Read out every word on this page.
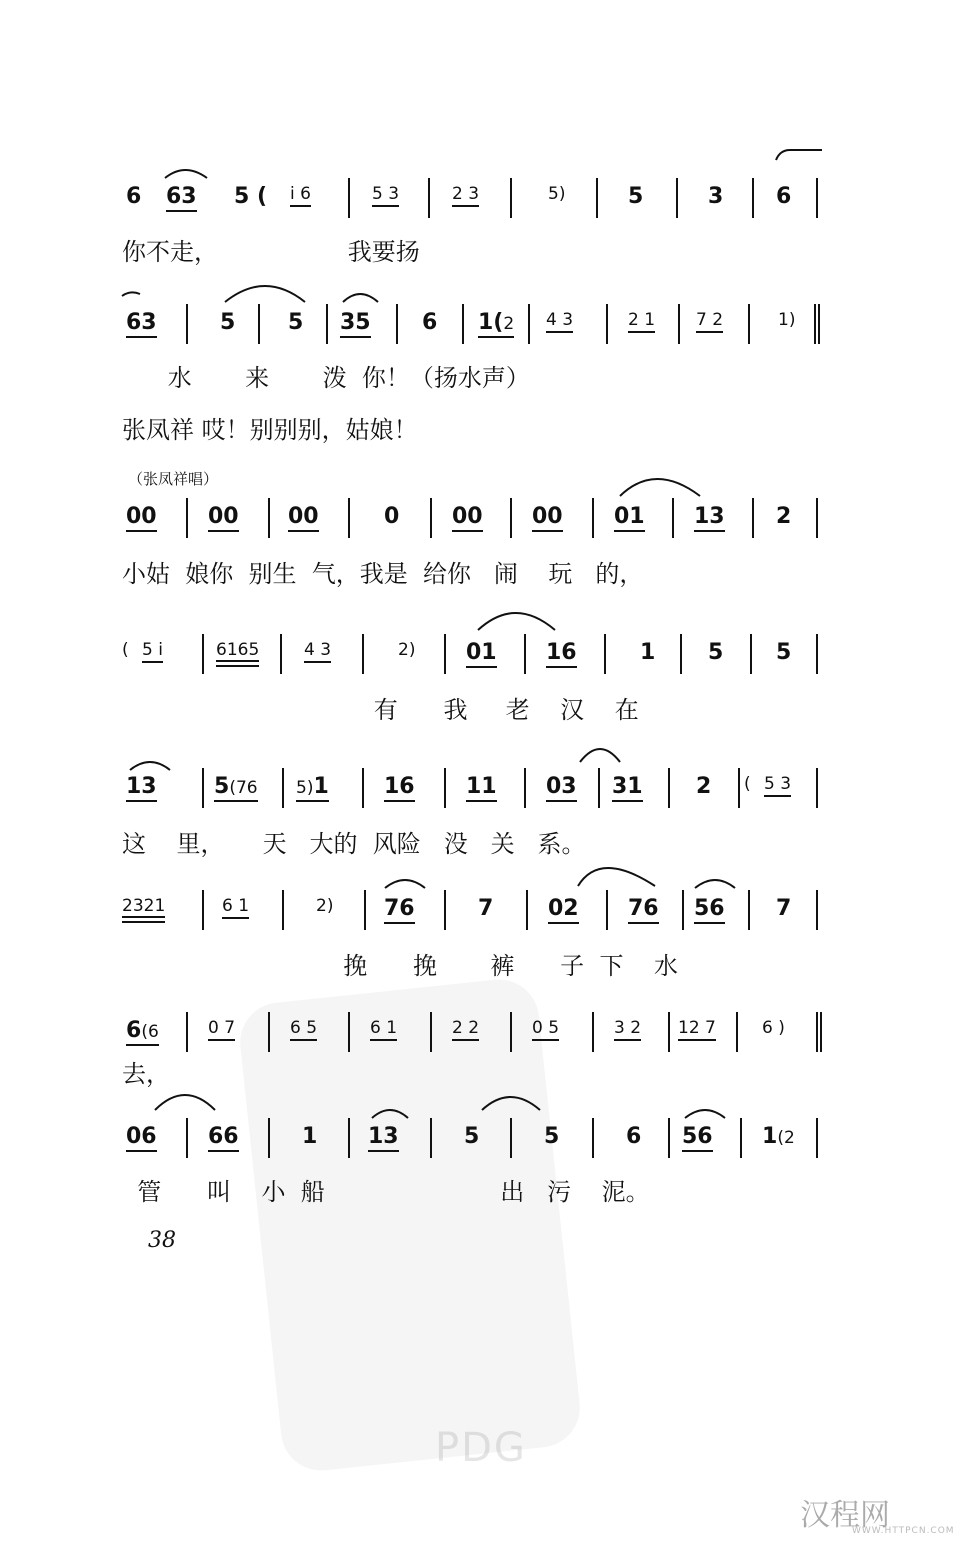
PDG
6 63 5 ( i 6	5 3	2 3	5)	5	3 6
你不走，                 我要扬
63	5 5 35 6 1(2 4 3	2 1 7 2	1)
水       来       泼  你！（扬水声）
张凤祥 哎！别别别，姑娘！
（张凤祥唱）
00 00 00	0 00 00 01 13 2
小姑  娘你  别生  气，我是  给你   闹    玩   的，
( 5 i	6165	4 3	2) 01 16	1 5 5
有      我     老    汉    在
13	5(76 5)1	16 11 03 31 2 ( 5 3
这    里，     天   大的  风险   没   关   系。
2321	6 1	2) 76	7 02 76 56 7
挽      挽       裤      子  下    水
6(6	0 7	6 5	6 1	2 2	0 5	3 2 12 7	6 )
去，
06 66	1 13	5	5	6 56 1(2
管      叫    小  船                       出   污    泥。
38
汉程网
WWW.HTTPCN.COM
